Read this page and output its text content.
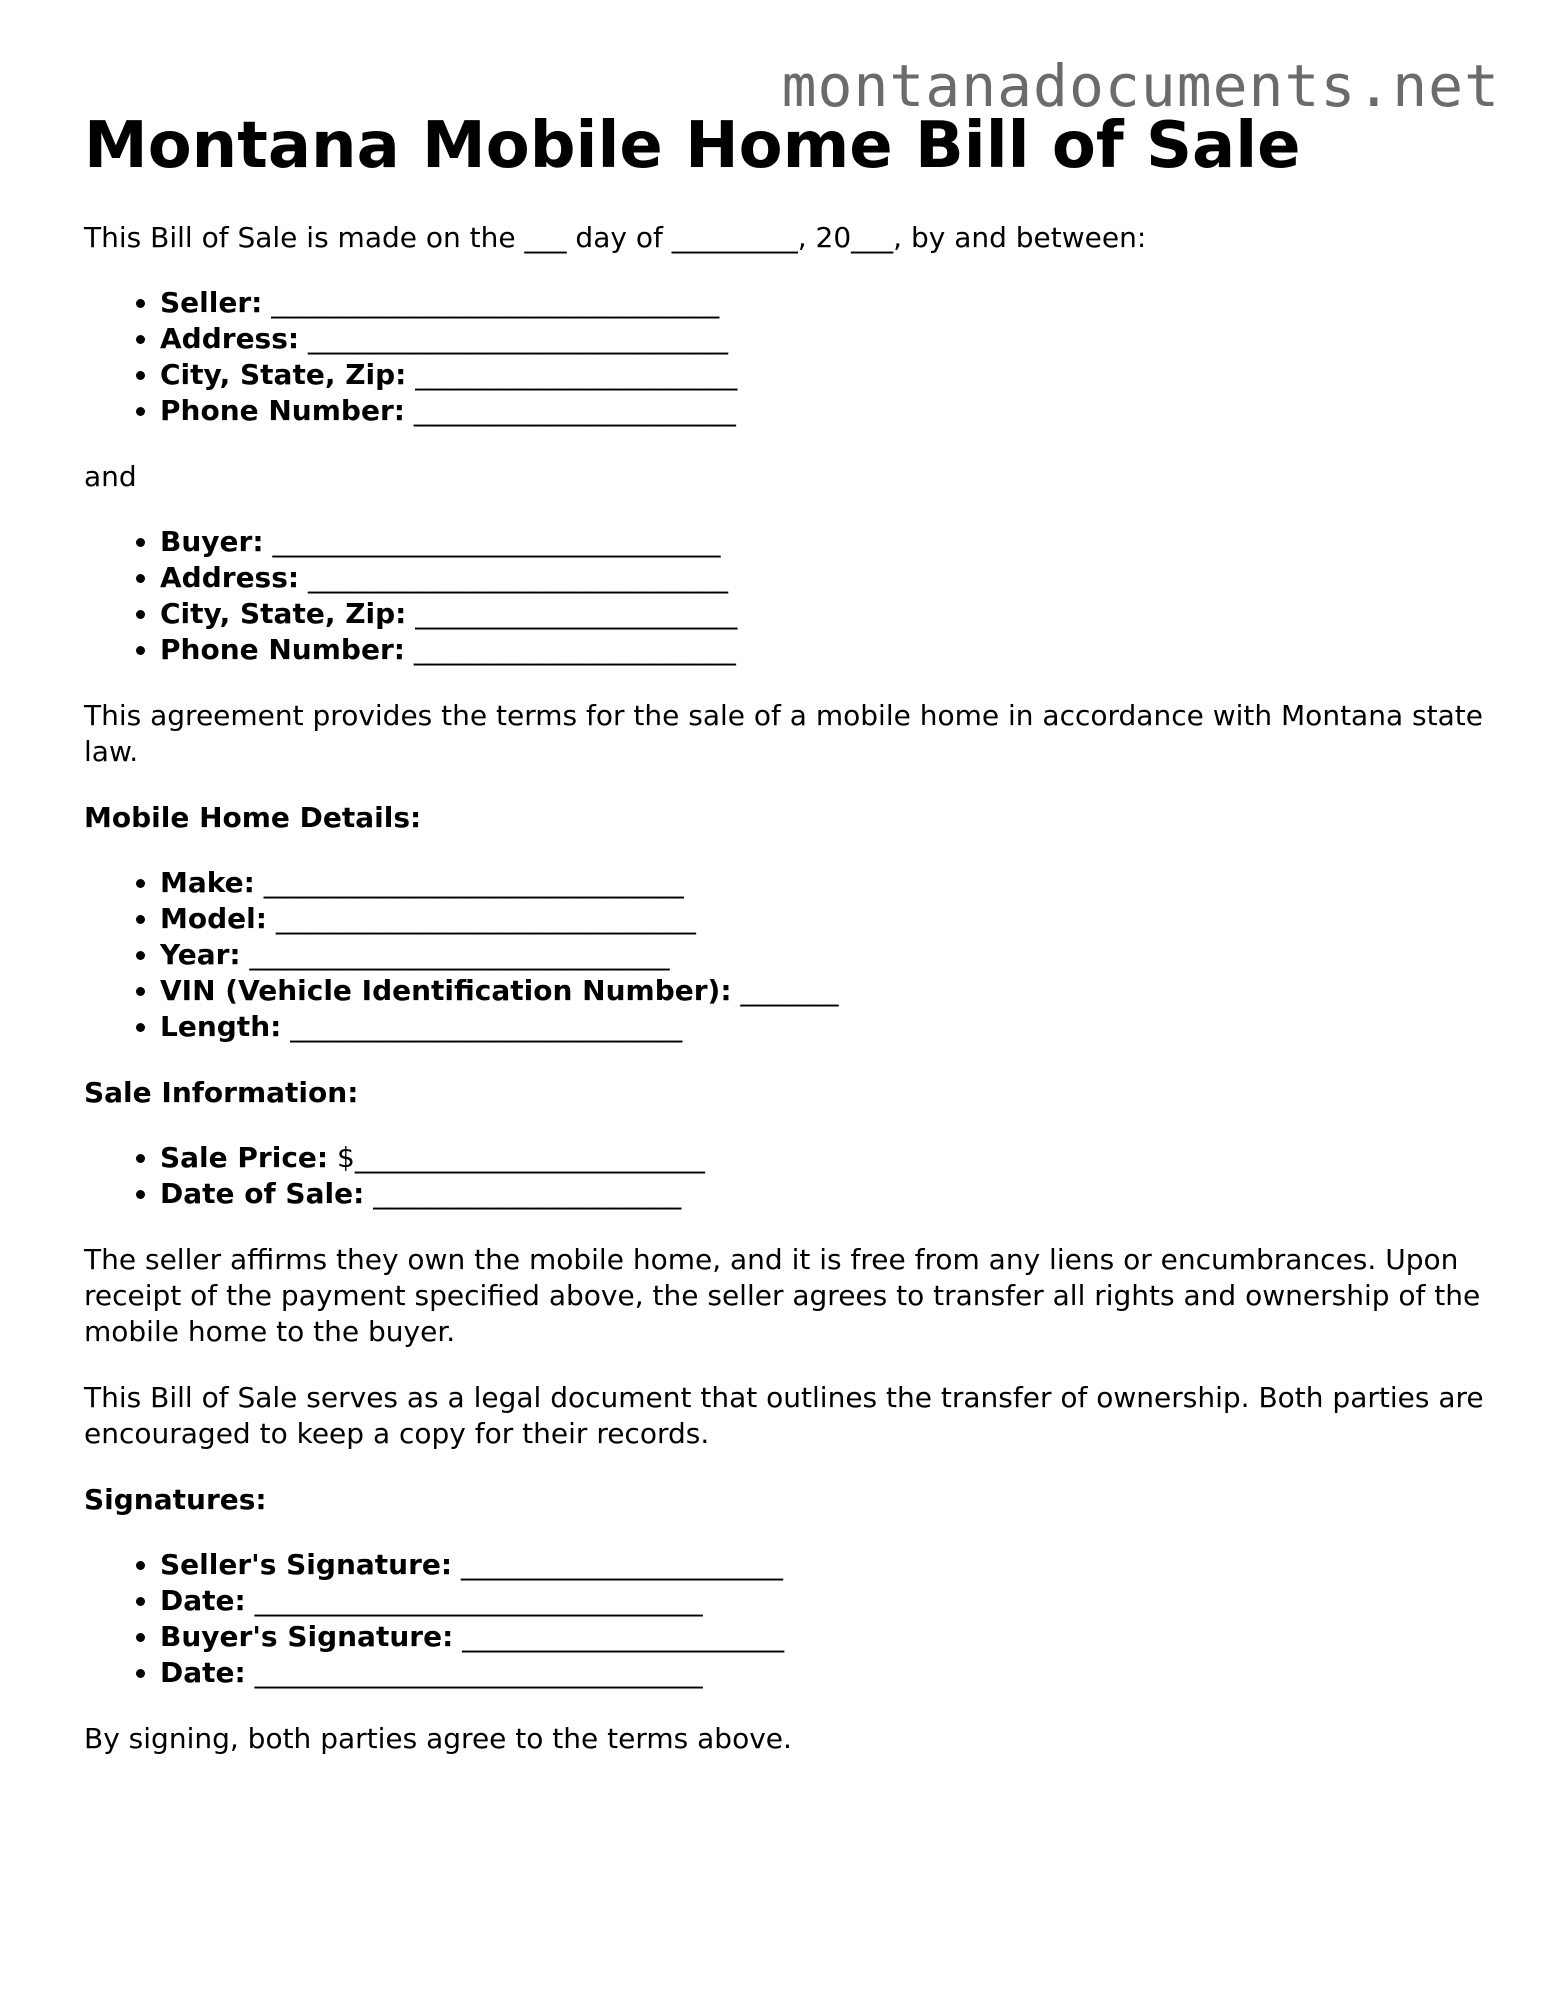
montanadocuments.net
Montana Mobile Home Bill of Sale

This Bill of Sale is made on the ___ day of _________, 20___, by and between:

• Seller: ________________________________
• Address: ______________________________
• City, State, Zip: _______________________
• Phone Number: _______________________

and

• Buyer: ________________________________
• Address: ______________________________
• City, State, Zip: _______________________
• Phone Number: _______________________

This agreement provides the terms for the sale of a mobile home in accordance with Montana state law.

Mobile Home Details:

• Make: ______________________________
• Model: ______________________________
• Year: ______________________________
• VIN (Vehicle Identification Number): _______
• Length: ____________________________

Sale Information:

• Sale Price: $_________________________
• Date of Sale: ______________________

The seller affirms they own the mobile home, and it is free from any liens or encumbrances. Upon receipt of the payment specified above, the seller agrees to transfer all rights and ownership of the mobile home to the buyer.

This Bill of Sale serves as a legal document that outlines the transfer of ownership. Both parties are encouraged to keep a copy for their records.

Signatures:

• Seller's Signature: _______________________
• Date: ________________________________
• Buyer's Signature: _______________________
• Date: ________________________________

By signing, both parties agree to the terms above.
